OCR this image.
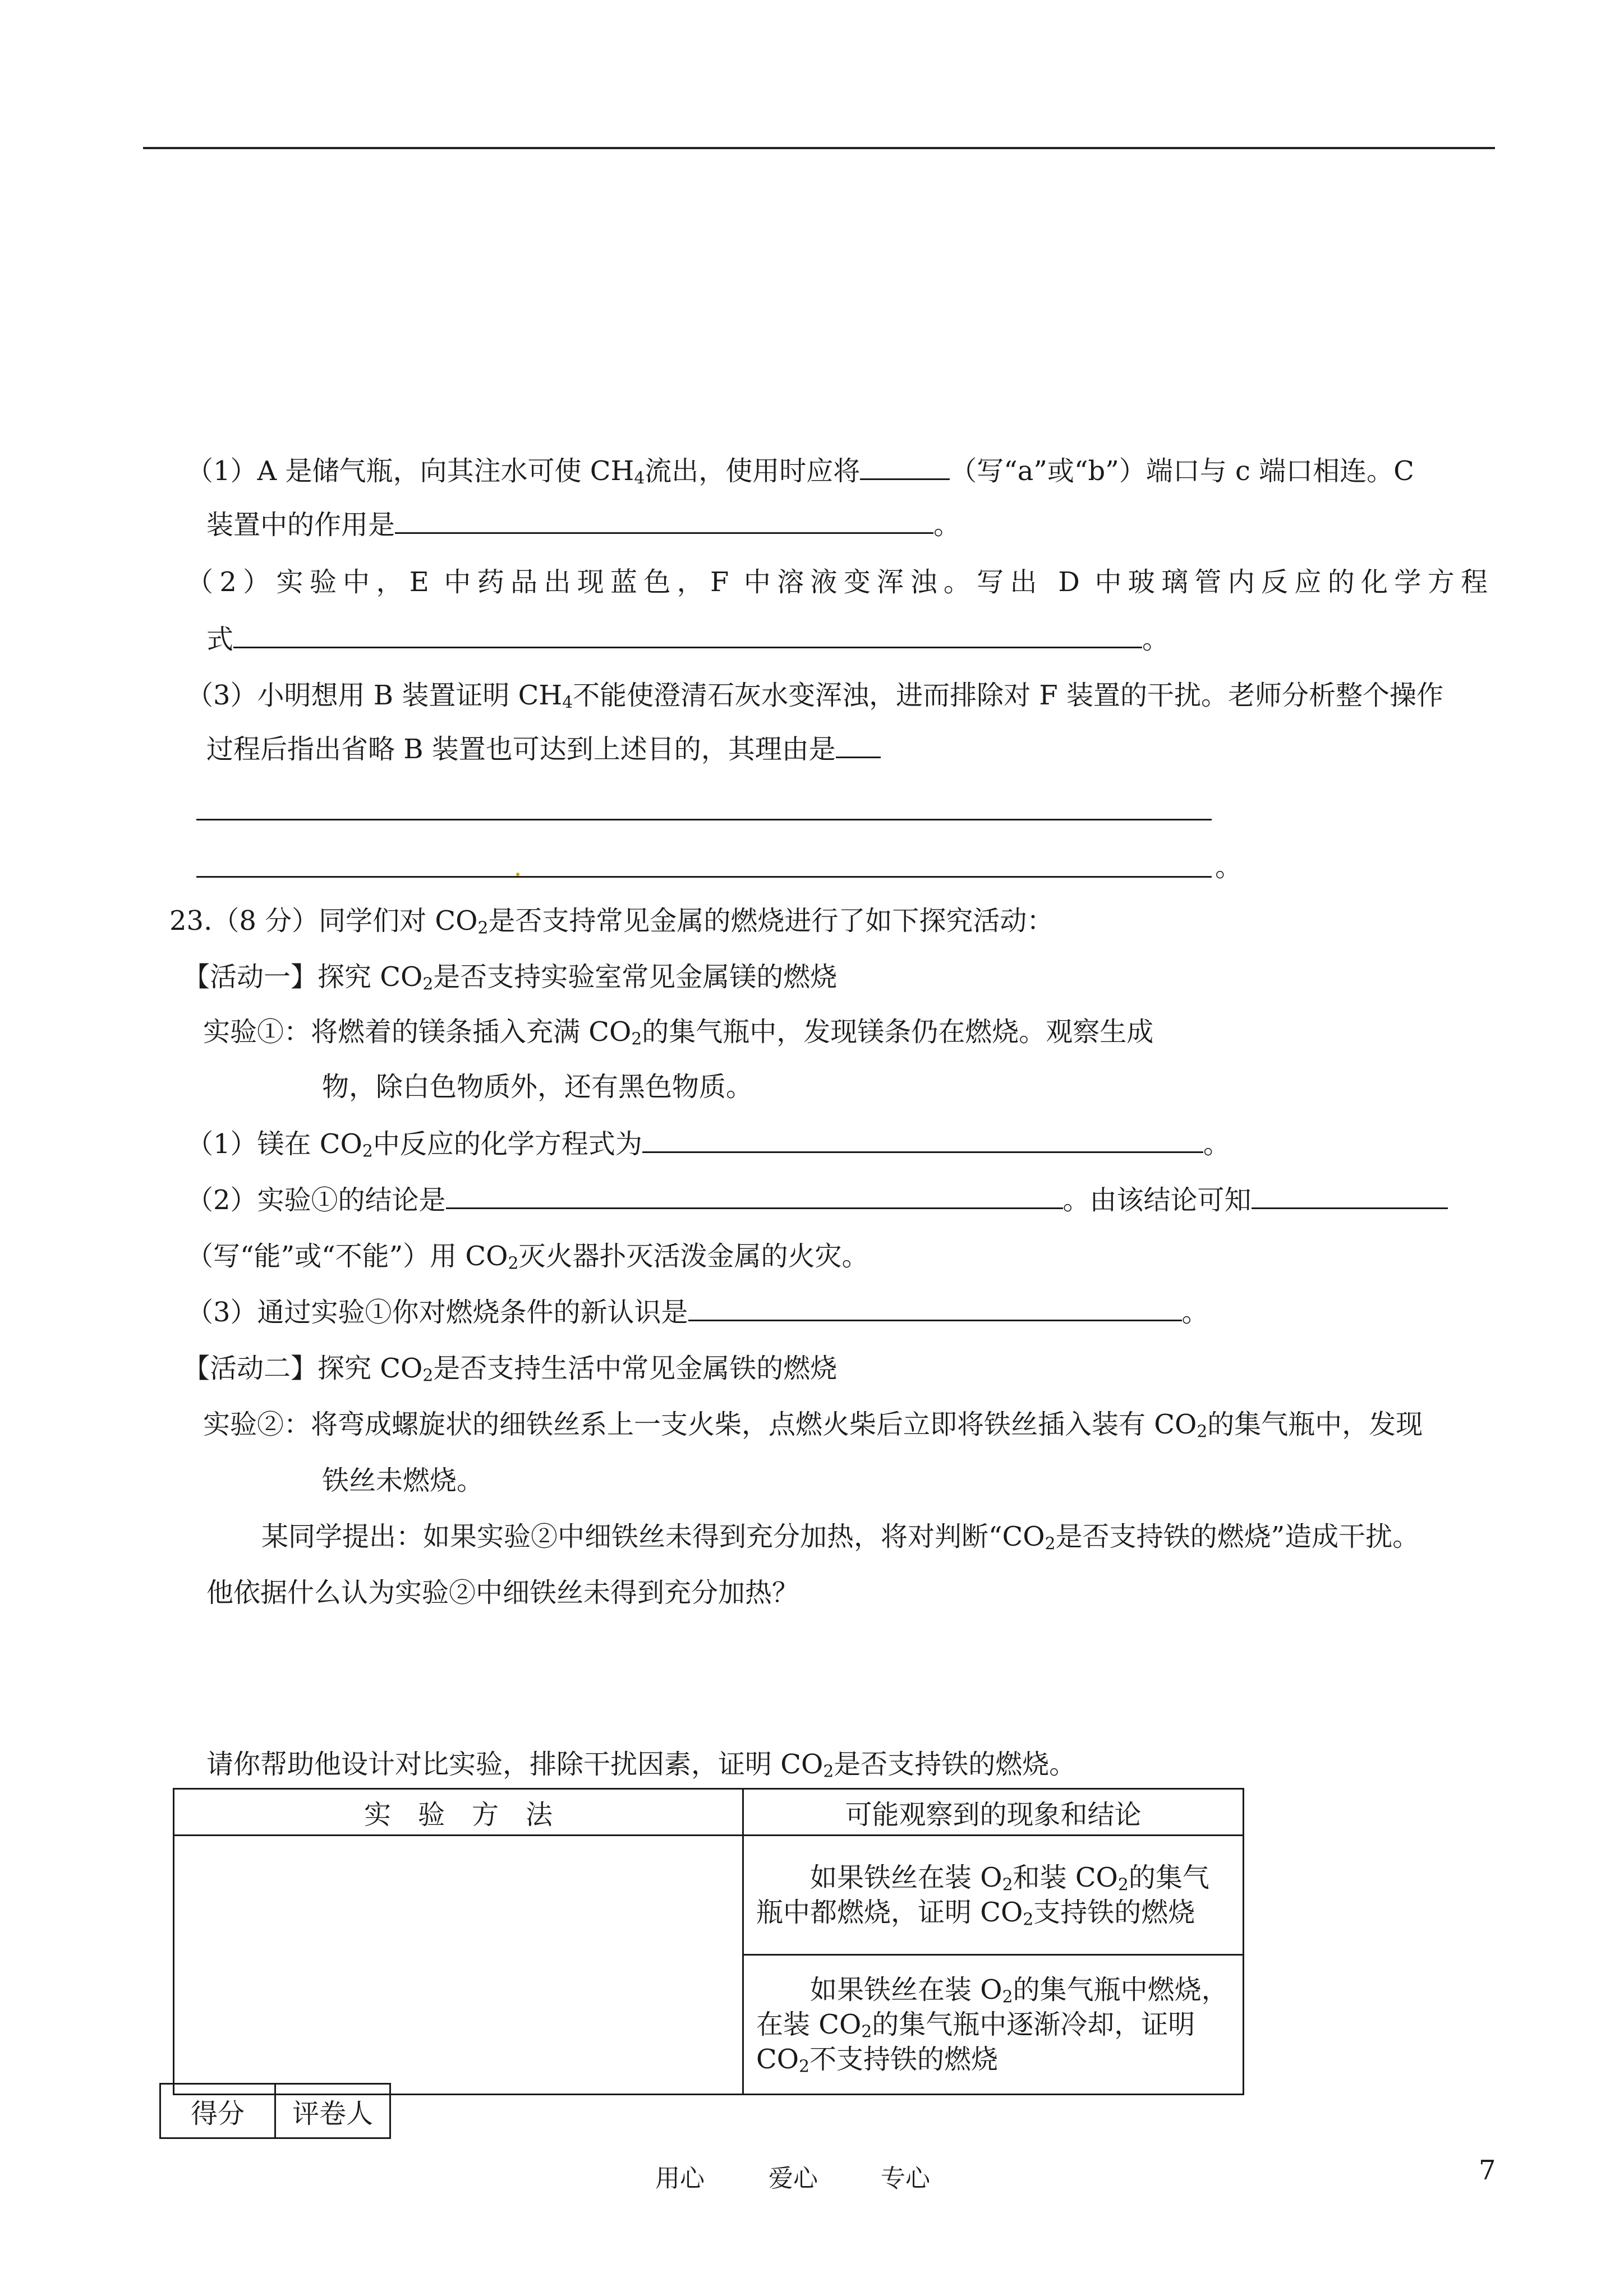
（1）A 是储气瓶，向其注水可使 $CH_4$流出，使用时应将	（写“a”或“b”）端口与 c 端口相连。C
装置中的作用是	。
（2）实验中，E 中药品出现蓝色，F 中溶液变浑浊。写出 D 中玻璃管内反应的化学方程
式	。
（3）小明想用 B 装置证明 $CH_4$不能使澄清石灰水变浑浊，进而排除对 F 装置的干扰。老师分析整个操作
过程后指出省略 B 装置也可达到上述目的，其理由是
。
23.（8 分）同学们对 $CO_2$是否支持常见金属的燃烧进行了如下探究活动：
【活动一】探究 $CO_2$是否支持实验室常见金属镁的燃烧
实验①：将燃着的镁条插入充满 $CO_2$的集气瓶中，发现镁条仍在燃烧。观察生成
物，除白色物质外，还有黑色物质。
（1）镁在 $CO_2$中反应的化学方程式为	。
（2）实验①的结论是	。由该结论可知
（写“能”或“不能”）用 $CO_2$灭火器扑灭活泼金属的火灾。
（3）通过实验①你对燃烧条件的新认识是	。
【活动二】探究 $CO_2$是否支持生活中常见金属铁的燃烧
实验②：将弯成螺旋状的细铁丝系上一支火柴，点燃火柴后立即将铁丝插入装有 $CO_2$的集气瓶中，发现
铁丝未燃烧。
某同学提出：如果实验②中细铁丝未得到充分加热，将对判断“$CO_2$是否支持铁的燃烧”造成干扰。
他依据什么认为实验②中细铁丝未得到充分加热？
请你帮助他设计对比实验，排除干扰因素，证明 $CO_2$是否支持铁的燃烧。
实　验　方　法	可能观察到的现象和结论

	如果铁丝在装 $O_2$和装 $CO_2$的集气瓶中都燃烧，证明 $CO_2$支持铁的燃烧

	如果铁丝在装 $O_2$的集气瓶中燃烧，在装 $CO_2$的集气瓶中逐渐冷却，证明 $CO_2$不支持铁的燃烧
得分	评卷人
用心	爱心	专心	7
